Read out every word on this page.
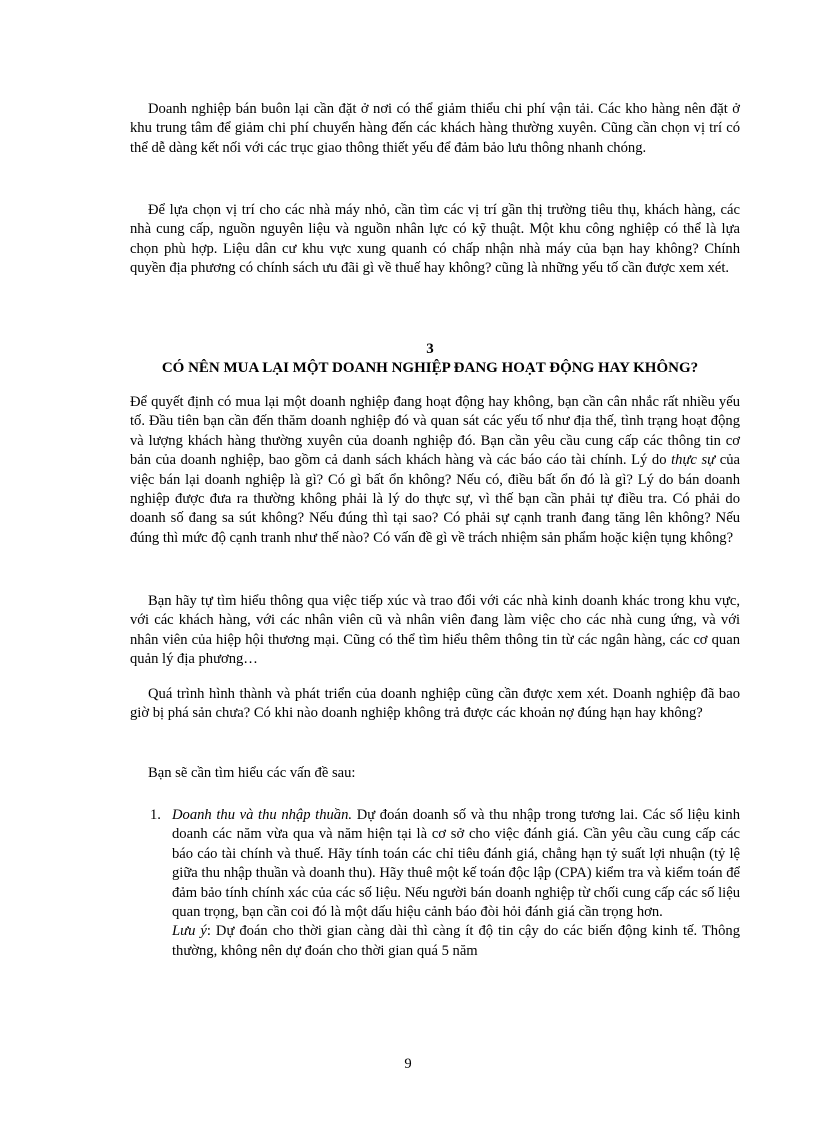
Doanh nghiệp bán buôn lại cần đặt ở nơi có thể giảm thiểu chi phí vận tải. Các kho hàng nên đặt ở khu trung tâm để giảm chi phí chuyển hàng đến các khách hàng thường xuyên. Cũng cần chọn vị trí có thể dễ dàng kết nối với các trục giao thông thiết yếu để đảm bảo lưu thông nhanh chóng.

Để lựa chọn vị trí cho các nhà máy nhỏ, cần tìm các vị trí gần thị trường tiêu thụ, khách hàng, các nhà cung cấp, nguồn nguyên liệu và nguồn nhân lực có kỹ thuật. Một khu công nghiệp có thể là lựa chọn phù hợp. Liệu dân cư khu vực xung quanh có chấp nhận nhà máy của bạn hay không? Chính quyền địa phương có chính sách ưu đãi gì về thuế hay không? cũng là những yếu tố cần được xem xét.

3

CÓ NÊN MUA LẠI MỘT DOANH NGHIỆP ĐANG HOẠT ĐỘNG HAY KHÔNG?

Để quyết định có mua lại một doanh nghiệp đang hoạt động hay không, bạn cần cân nhắc rất nhiều yếu tố. Đầu tiên bạn cần đến thăm doanh nghiệp đó và quan sát các yếu tố như địa thế, tình trạng hoạt động và lượng khách hàng thường xuyên của doanh nghiệp đó. Bạn cần yêu cầu cung cấp các thông tin cơ bản của doanh nghiệp, bao gồm cả danh sách khách hàng và các báo cáo tài chính. Lý do thực sự của việc bán lại doanh nghiệp là gì? Có gì bất ổn không? Nếu có, điều bất ổn đó là gì? Lý do bán doanh nghiệp được đưa ra thường không phải là lý do thực sự, vì thế bạn cần phải tự điều tra. Có phải do doanh số đang sa sút không? Nếu đúng thì tại sao? Có phải sự cạnh tranh đang tăng lên không? Nếu đúng thì mức độ cạnh tranh như thế nào? Có vấn đề gì về trách nhiệm sản phẩm hoặc kiện tụng không?

Bạn hãy tự tìm hiểu thông qua việc tiếp xúc và trao đổi với các nhà kinh doanh khác trong khu vực, với các khách hàng, với các nhân viên cũ và nhân viên đang làm việc cho các nhà cung ứng, và với nhân viên của hiệp hội thương mại. Cũng có thể tìm hiểu thêm thông tin từ các ngân hàng, các cơ quan quản lý địa phương…

Quá trình hình thành và phát triển của doanh nghiệp cũng cần được xem xét. Doanh nghiệp đã bao giờ bị phá sản chưa? Có khi nào doanh nghiệp không trả được các khoản nợ đúng hạn hay không?

Bạn sẽ cần tìm hiểu các vấn đề sau:

1. Doanh thu và thu nhập thuần. Dự đoán doanh số và thu nhập trong tương lai. Các số liệu kinh doanh các năm vừa qua và năm hiện tại là cơ sở cho việc đánh giá. Cần yêu cầu cung cấp các báo cáo tài chính và thuế. Hãy tính toán các chỉ tiêu đánh giá, chẳng hạn tỷ suất lợi nhuận (tỷ lệ giữa thu nhập thuần và doanh thu). Hãy thuê một kế toán độc lập (CPA) kiểm tra và kiểm toán để đảm bảo tính chính xác của các số liệu. Nếu người bán doanh nghiệp từ chối cung cấp các số liệu quan trọng, bạn cần coi đó là một dấu hiệu cảnh báo đòi hỏi đánh giá cần trọng hơn.
Lưu ý: Dự đoán cho thời gian càng dài thì càng ít độ tin cậy do các biến động kinh tế. Thông thường, không nên dự đoán cho thời gian quá 5 năm
9
